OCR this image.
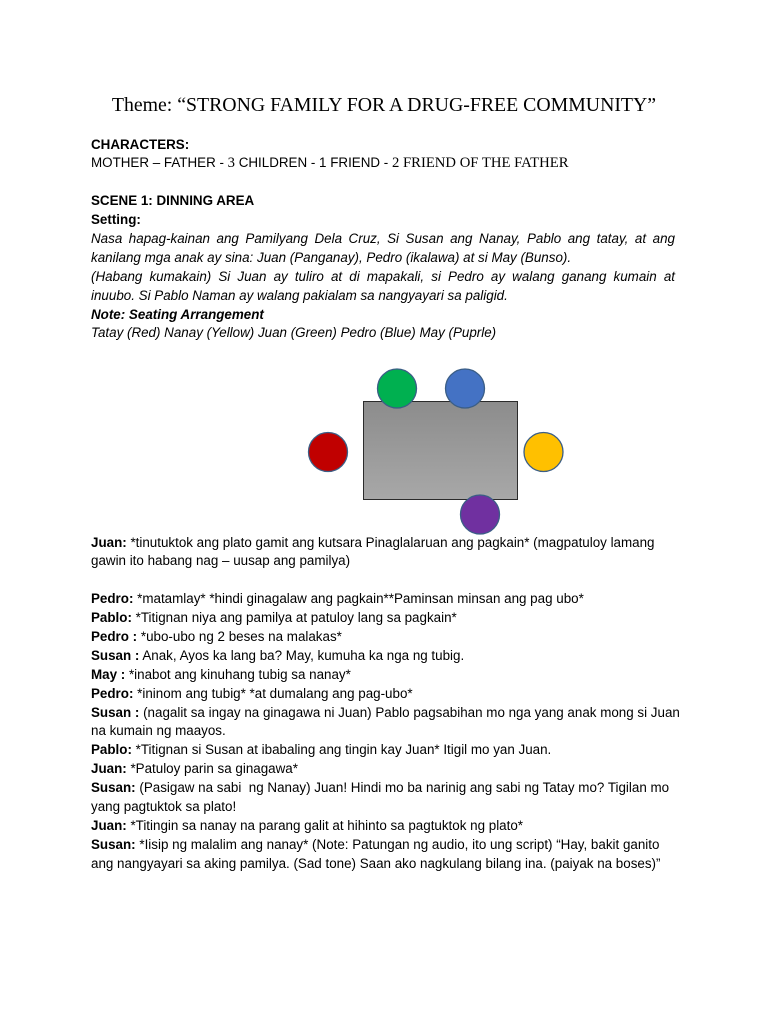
Theme: “STRONG FAMILY FOR A DRUG-FREE COMMUNITY”
CHARACTERS:
MOTHER – FATHER - 3 CHILDREN - 1 FRIEND - 2 FRIEND OF THE FATHER
SCENE 1: DINNING AREA
Setting:
Nasa hapag-kainan ang Pamilyang Dela Cruz, Si Susan ang Nanay, Pablo ang tatay, at ang
kanilang mga anak ay sina: Juan (Panganay), Pedro (ikalawa) at si May (Bunso).
(Habang kumakain) Si Juan ay tuliro at di mapakali, si Pedro ay walang ganang kumain at
inuubo. Si Pablo Naman ay walang pakialam sa nangyayari sa paligid.
Note: Seating Arrangement
Tatay (Red) Nanay (Yellow) Juan (Green) Pedro (Blue) May (Puprle)
Juan: *tinutuktok ang plato gamit ang kutsara Pinaglalaruan ang pagkain* (magpatuloy lamang
gawin ito habang nag – uusap ang pamilya)
Pedro: *matamlay* *hindi ginagalaw ang pagkain**Paminsan minsan ang pag ubo*
Pablo: *Titignan niya ang pamilya at patuloy lang sa pagkain*
Pedro : *ubo-ubo ng 2 beses na malakas*
Susan : Anak, Ayos ka lang ba? May, kumuha ka nga ng tubig.
May : *inabot ang kinuhang tubig sa nanay*
Pedro: *ininom ang tubig* *at dumalang ang pag-ubo*
Susan : (nagalit sa ingay na ginagawa ni Juan) Pablo pagsabihan mo nga yang anak mong si Juan
na kumain ng maayos.
Pablo: *Titignan si Susan at ibabaling ang tingin kay Juan* Itigil mo yan Juan.
Juan: *Patuloy parin sa ginagawa*
Susan: (Pasigaw na sabi  ng Nanay) Juan! Hindi mo ba narinig ang sabi ng Tatay mo? Tigilan mo
yang pagtuktok sa plato!
Juan: *Titingin sa nanay na parang galit at hihinto sa pagtuktok ng plato*
Susan: *Iisip ng malalim ang nanay* (Note: Patungan ng audio, ito ung script) “Hay, bakit ganito
ang nangyayari sa aking pamilya. (Sad tone) Saan ako nagkulang bilang ina. (paiyak na boses)”
